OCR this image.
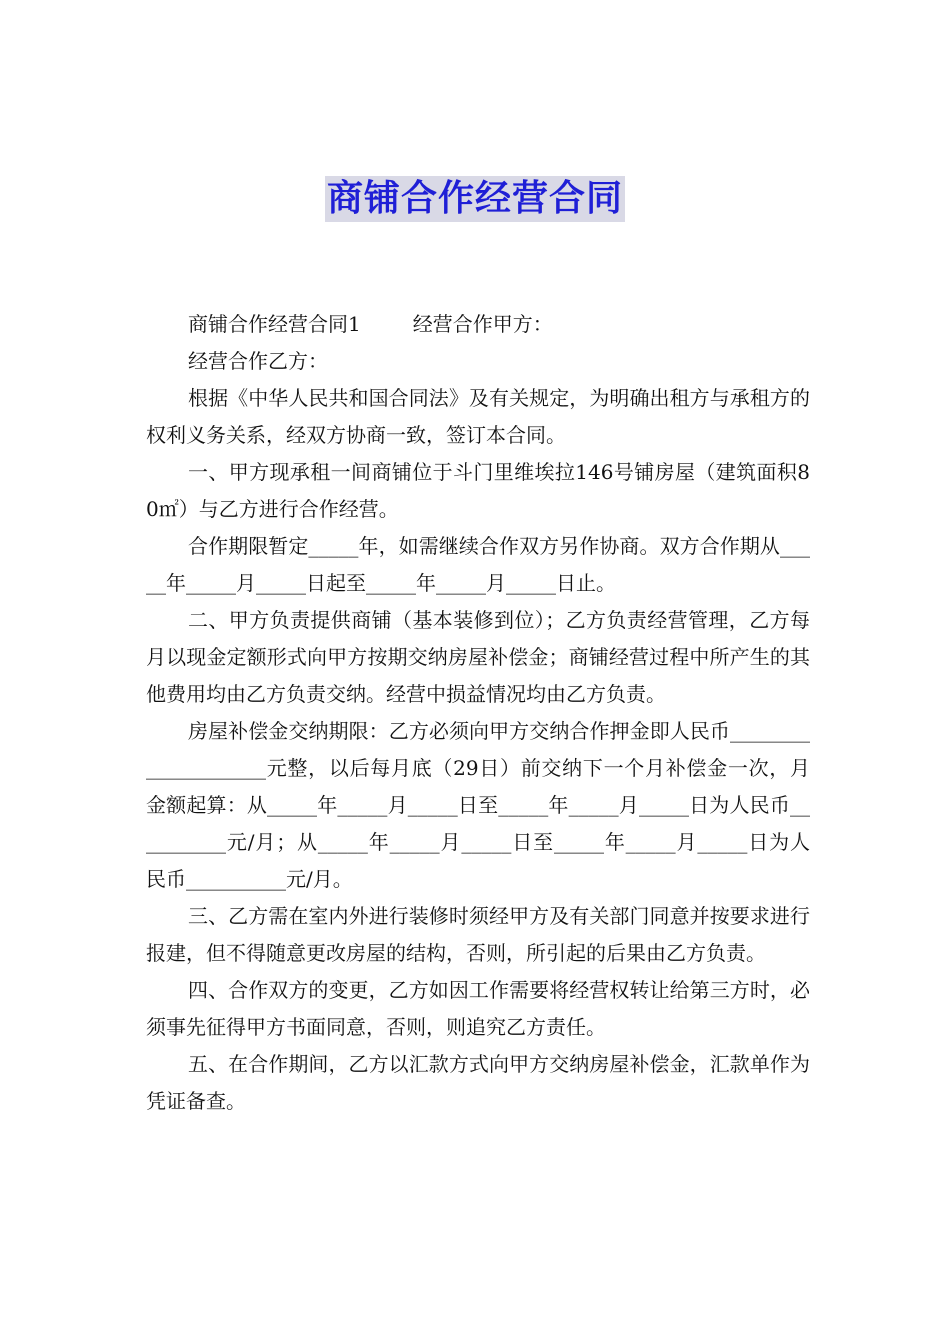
商铺合作经营合同

商铺合作经营合同1	经营合作甲方：

经营合作乙方：

根据《中华人民共和国合同法》及有关规定，为明确出租方与承租方的权利义务关系，经双方协商一致，签订本合同。

一、甲方现承租一间商铺位于斗门里维埃拉146号铺房屋（建筑面积80㎡）与乙方进行合作经营。

合作期限暂定_____年，如需继续合作双方另作协商。双方合作期从_____年_____月_____日起至_____年_____月_____日止。

二、甲方负责提供商铺（基本装修到位）；乙方负责经营管理，乙方每月以现金定额形式向甲方按期交纳房屋补偿金；商铺经营过程中所产生的其他费用均由乙方负责交纳。经营中损益情况均由乙方负责。

房屋补偿金交纳期限：乙方必须向甲方交纳合作押金即人民币____________________元整，以后每月底（29日）前交纳下一个月补偿金一次，月金额起算：从_____年_____月_____日至_____年_____月_____日为人民币__________元/月；从_____年_____月_____日至_____年_____月_____日为人民币__________元/月。

三、乙方需在室内外进行装修时须经甲方及有关部门同意并按要求进行报建，但不得随意更改房屋的结构，否则，所引起的后果由乙方负责。

四、合作双方的变更，乙方如因工作需要将经营权转让给第三方时，必须事先征得甲方书面同意，否则，则追究乙方责任。

五、在合作期间，乙方以汇款方式向甲方交纳房屋补偿金，汇款单作为凭证备查。
